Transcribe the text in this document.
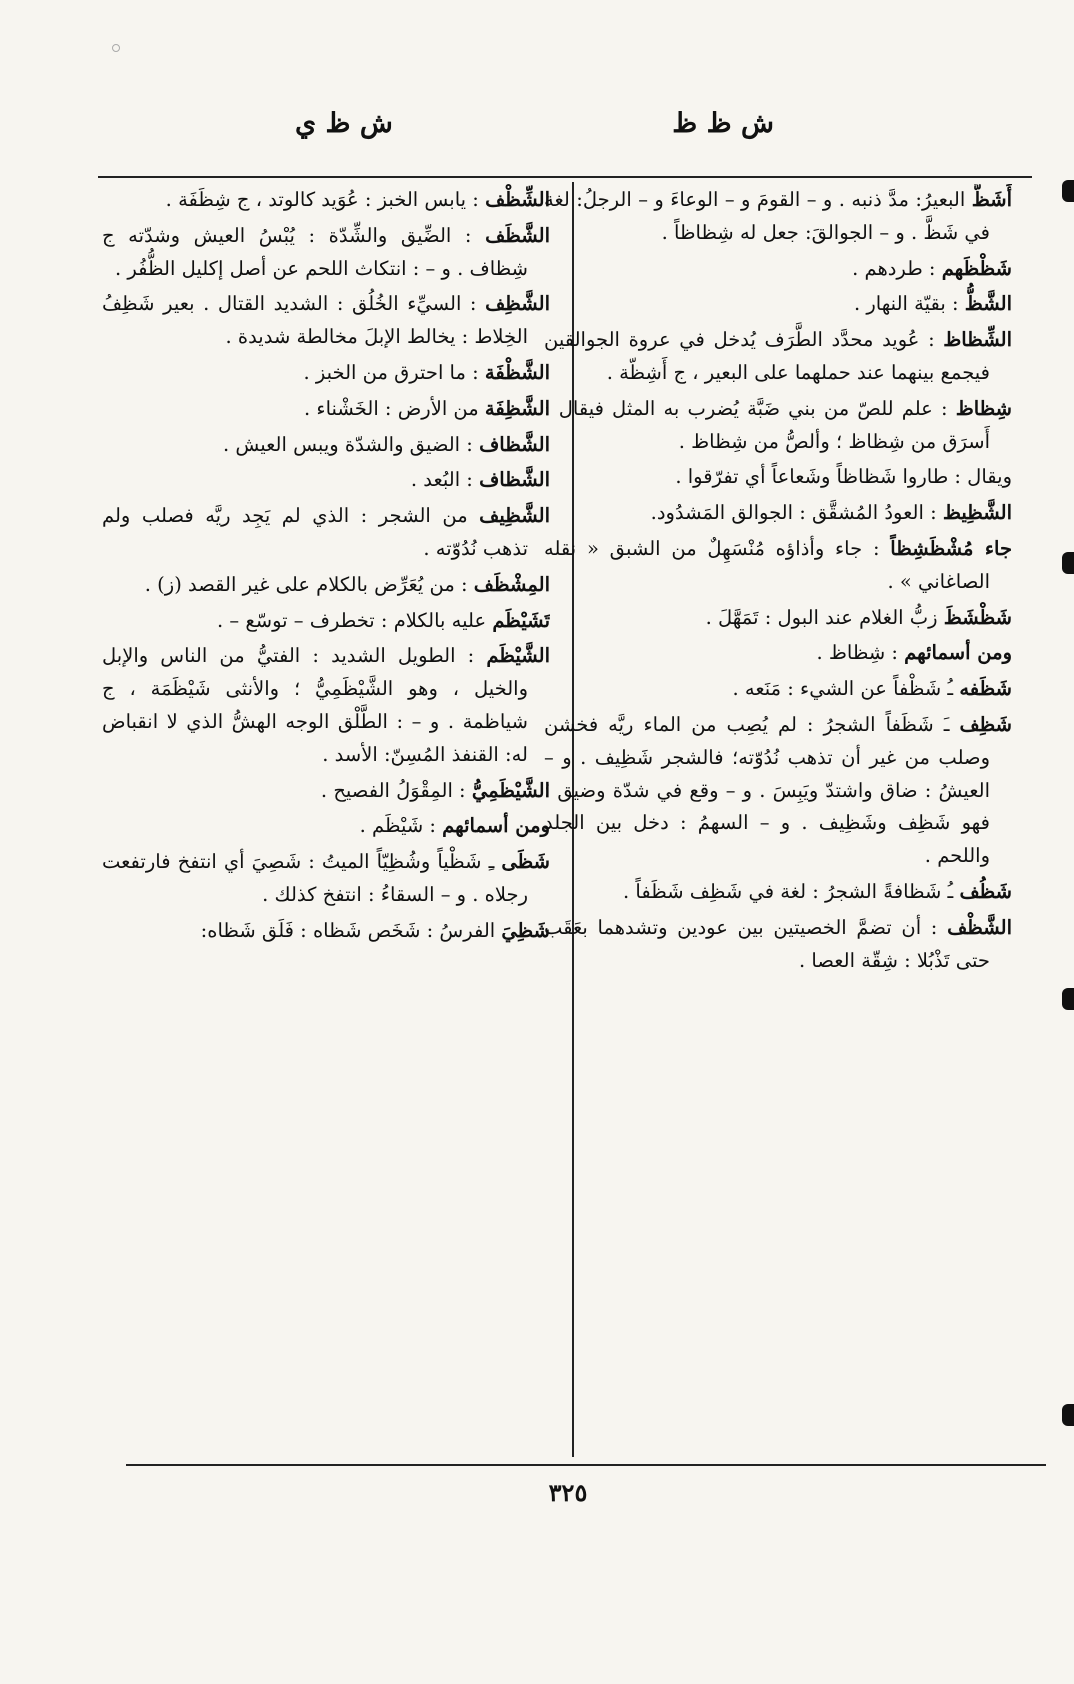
ش ظ ظ
ش ظ ي

أَشَظَّ البعيرُ: مدَّ ذنبه . و – القومَ و – الوعاءَ و – الرجلُ: لغة في شَظَّ . و – الجوالقَ: جعل له شِظاظاً .

شَظْظَهم : طردهم .

الشَّظُّ : بقيّة النهار .

الشِّظاظ : عُويد محدَّد الطَّرَف يُدخل في عروة الجوالقين فيجمع بينهما عند حملهما على البعير ، ج أَشِظّة .

شِظاظ : علم للصّ من بني ضَبَّة يُضرب به المثل فيقال : أَسرَق من شِظاظ ؛ وألصُّ من شِظاظ .

ويقال : طاروا شَظاظاً وشَعاعاً أي تفرّقوا .

الشَّظِيظ : العودُ المُشقَّق : الجوالق المَشدُود.

جاء مُشْظَشِظاً : جاء وأذاؤه مُنْسَهِلٌ من الشبق « نقله الصاغاني » .

شَظْشَظَ زبُّ الغلام عند البول : تَمَهَّلَ .

ومن أسمائهم : شِظاظ .

شَظَفه ـُ شَظْفاً عن الشيء : مَنَعه .

شَظِف ـَ شَظَفاً الشجرُ : لم يُصِب من الماء ريَّه فخشن وصلب من غير أن تذهب نُدُوّته؛ فالشجر شَظِيف . و – العيشُ : ضاق واشتدّ ويَبِسَ . و – وقع في شدّة وضيق ؛ فهو شَظِف وشَظِيف . و – السهمُ : دخل بين الجلد واللحم .

شَظُف ـُ شَظافةً الشجرُ : لغة في شَظِف شَظَفاً .

الشَّظْف : أن تضمَّ الخصيتين بين عودين وتشدهما بعَقَب حتى تَذْبُلا : شِقّة العصا .

الشِّظْف : يابس الخبز : عُوَيد كالوتد ، ج شِظَفَة .

الشَّظَف : الضِّيق والشِّدّة : يُبْسُ العيش وشدّته ج شِظاف . و – : انتكاث اللحم عن أصل إكليل الظُّفُر .

الشَّظِف : السيِّء الخُلُق : الشديد القتال . بعير شَظِفُ الخِلاط : يخالط الإبلَ مخالطة شديدة .

الشَّظْفَة : ما احترق من الخبز .

الشَّظِفَة من الأرض : الخَشْناء .

الشَّظاف : الضيق والشدّة ويبس العيش .

الشَّظاف : البُعد .

الشَّظِيف من الشجر : الذي لم يَجِد ريَّه فصلب ولم تذهب نُدُوّته .

المِشْظَف : من يُعَرِّض بالكلام على غير القصد (ز) .

تَشَيْظَم عليه بالكلام : تخطرف – توسّع – .

الشَّيْظَم : الطويل الشديد : الفتيُّ من الناس والإبل والخيل ، وهو الشَّيْظَمِيُّ ؛ والأنثى شَيْظَمَة ، ج شياظمة . و – : الطَّلْق الوجه الهشُّ الذي لا انقباض له: القنفذ المُسِنّ: الأسد .

الشَّيْظَمِيُّ : المِقْوَلُ الفصيح .

ومن أسمائهم : شَيْظَم .

شَظَى ـِ شَظْياً وشُظِيّاً الميتُ : شَصِيَ أي انتفخ فارتفعت رجلاه . و – السقاءُ : انتفخ كذلك .

شَظِيَ الفرسُ : شَخَص شَظاه : فَلَق شَظاه:

٣٢٥
